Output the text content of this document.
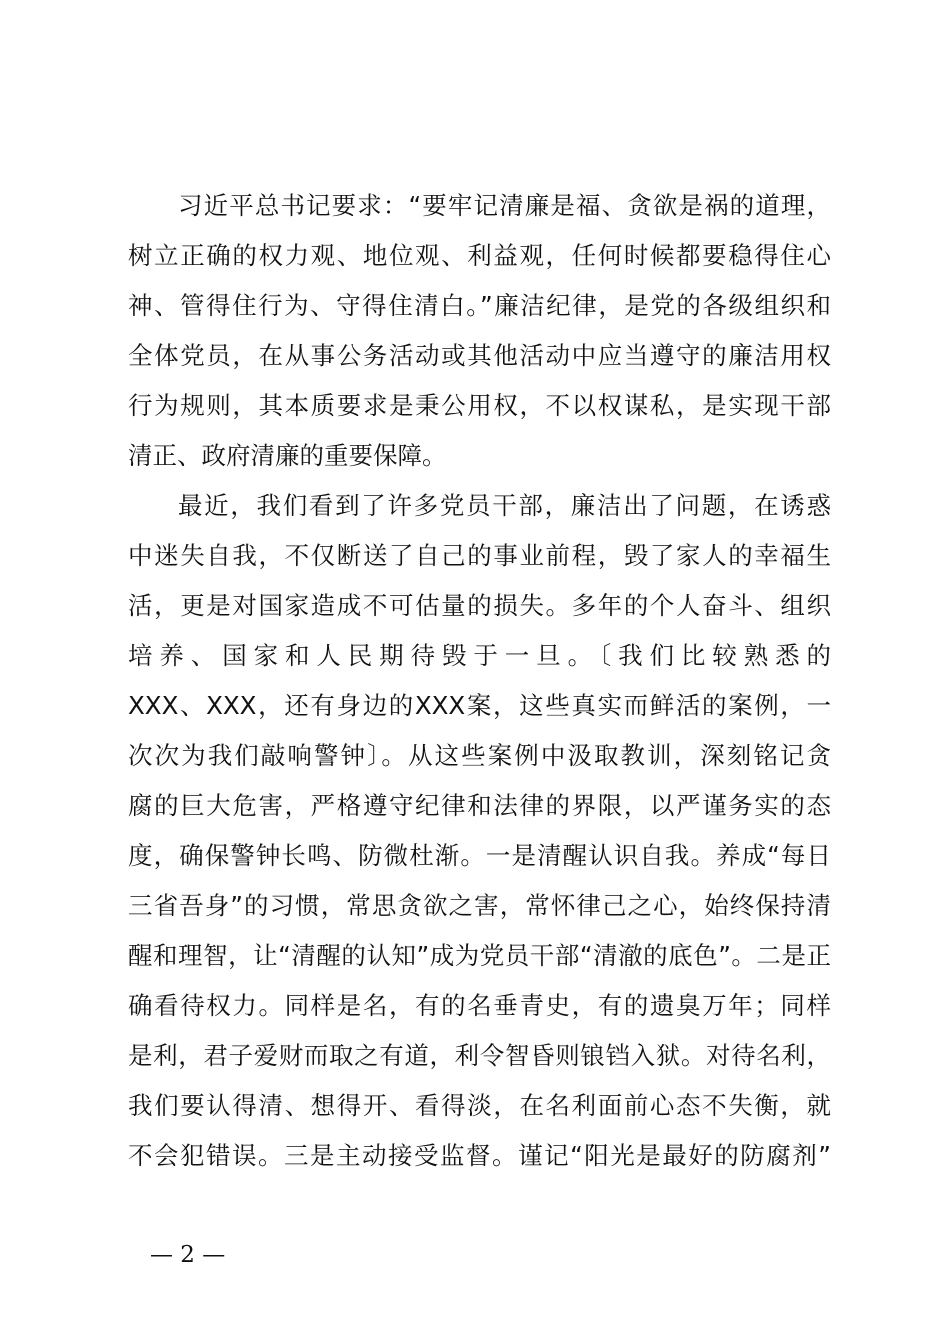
习近平总书记要求：“要牢记清廉是福、贪欲是祸的道理，
树立正确的权力观、地位观、利益观，任何时候都要稳得住心
神、管得住行为、守得住清白。”廉洁纪律，是党的各级组织和
全体党员，在从事公务活动或其他活动中应当遵守的廉洁用权
行为规则，其本质要求是秉公用权，不以权谋私，是实现干部
清正、政府清廉的重要保障。
最近，我们看到了许多党员干部，廉洁出了问题，在诱惑
中迷失自我，不仅断送了自己的事业前程，毁了家人的幸福生
活，更是对国家造成不可估量的损失。多年的个人奋斗、组织
培养、国家和人民期待毁于一旦。〔我们比较熟悉的
XXX、XXX，还有身边的XXX案，这些真实而鲜活的案例，一
次次为我们敲响警钟〕。从这些案例中汲取教训，深刻铭记贪
腐的巨大危害，严格遵守纪律和法律的界限，以严谨务实的态
度，确保警钟长鸣、防微杜渐。一是清醒认识自我。养成“每日
三省吾身”的习惯，常思贪欲之害，常怀律己之心，始终保持清
醒和理智，让“清醒的认知”成为党员干部“清澈的底色”。二是正
确看待权力。同样是名，有的名垂青史，有的遗臭万年；同样
是利，君子爱财而取之有道，利令智昏则锒铛入狱。对待名利，
我们要认得清、想得开、看得淡，在名利面前心态不失衡，就
不会犯错误。三是主动接受监督。谨记“阳光是最好的防腐剂”
— 2 —
